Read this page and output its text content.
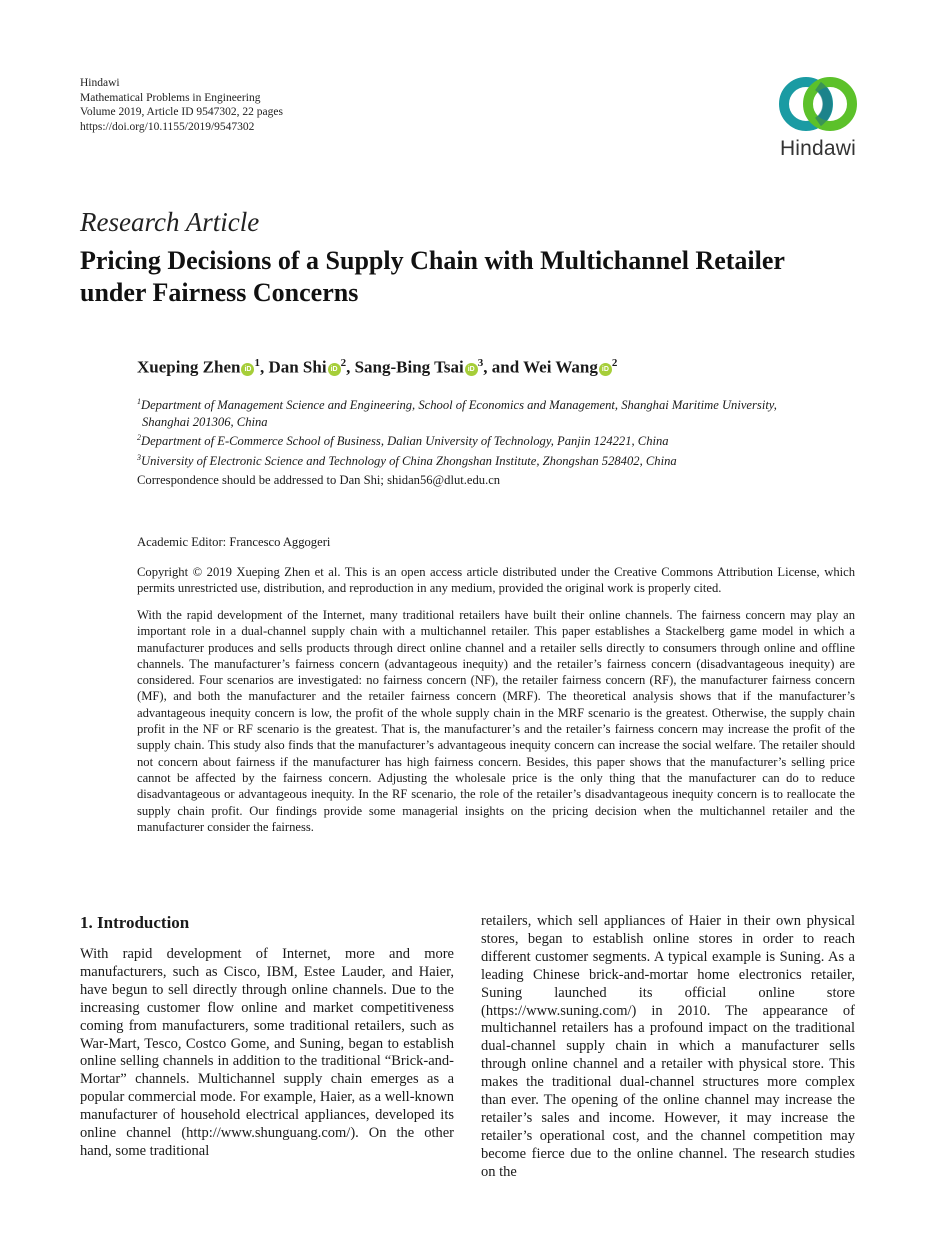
Hindawi
Mathematical Problems in Engineering
Volume 2019, Article ID 9547302, 22 pages
https://doi.org/10.1155/2019/9547302
Hindawi
Research Article
Pricing Decisions of a Supply Chain with Multichannel Retailer under Fairness Concerns
Xueping Zhen $iD^1$, Dan Shi $iD^2$, Sang-Bing Tsai $iD^3$, and Wei Wang $iD^2$
$^1$Department of Management Science and Engineering, School of Economics and Management, Shanghai Maritime University,
Shanghai 201306, China
$^2$Department of E-Commerce School of Business, Dalian University of Technology, Panjin 124221, China
$^3$University of Electronic Science and Technology of China Zhongshan Institute, Zhongshan 528402, China
Correspondence should be addressed to Dan Shi; shidan56@dlut.edu.cn
Academic Editor: Francesco Aggogeri
Copyright © 2019 Xueping Zhen et al. This is an open access article distributed under the Creative Commons Attribution License, which permits unrestricted use, distribution, and reproduction in any medium, provided the original work is properly cited.
With the rapid development of the Internet, many traditional retailers have built their online channels. The fairness concern may play an important role in a dual-channel supply chain with a multichannel retailer. This paper establishes a Stackelberg game model in which a manufacturer produces and sells products through direct online channel and a retailer sells directly to consumers through online and offline channels. The manufacturer’s fairness concern (advantageous inequity) and the retailer’s fairness concern (disadvantageous inequity) are considered. Four scenarios are investigated: no fairness concern (NF), the retailer fairness concern (RF), the manufacturer fairness concern (MF), and both the manufacturer and the retailer fairness concern (MRF). The theoretical analysis shows that if the manufacturer’s advantageous inequity concern is low, the profit of the whole supply chain in the MRF scenario is the greatest. Otherwise, the supply chain profit in the NF or RF scenario is the greatest. That is, the manufacturer’s and the retailer’s fairness concern may increase the profit of the supply chain. This study also finds that the manufacturer’s advantageous inequity concern can increase the social welfare. The retailer should not concern about fairness if the manufacturer has high fairness concern. Besides, this paper shows that the manufacturer’s selling price cannot be affected by the fairness concern. Adjusting the wholesale price is the only thing that the manufacturer can do to reduce disadvantageous or advantageous inequity. In the RF scenario, the role of the retailer’s disadvantageous inequity concern is to reallocate the supply chain profit. Our findings provide some managerial insights on the pricing decision when the multichannel retailer and the manufacturer consider the fairness.
1. Introduction
With rapid development of Internet, more and more manufacturers, such as Cisco, IBM, Estee Lauder, and Haier, have begun to sell directly through online channels. Due to the increasing customer flow online and market competitiveness coming from manufacturers, some traditional retailers, such as War-Mart, Tesco, Costco Gome, and Suning, began to establish online selling channels in addition to the traditional “Brick-and-Mortar” channels. Multichannel supply chain emerges as a popular commercial mode. For example, Haier, as a well-known manufacturer of household electrical appliances, developed its online channel (http://www.shunguang.com/). On the other hand, some traditional
retailers, which sell appliances of Haier in their own physical stores, began to establish online stores in order to reach different customer segments. A typical example is Suning. As a leading Chinese brick-and-mortar home electronics retailer, Suning launched its official online store (https://www.suning.com/) in 2010. The appearance of multichannel retailers has a profound impact on the traditional dual-channel supply chain in which a manufacturer sells through online channel and a retailer with physical store. This makes the traditional dual-channel structures more complex than ever. The opening of the online channel may increase the retailer’s sales and income. However, it may increase the retailer’s operational cost, and the channel competition may become fierce due to the online channel. The research studies on the
